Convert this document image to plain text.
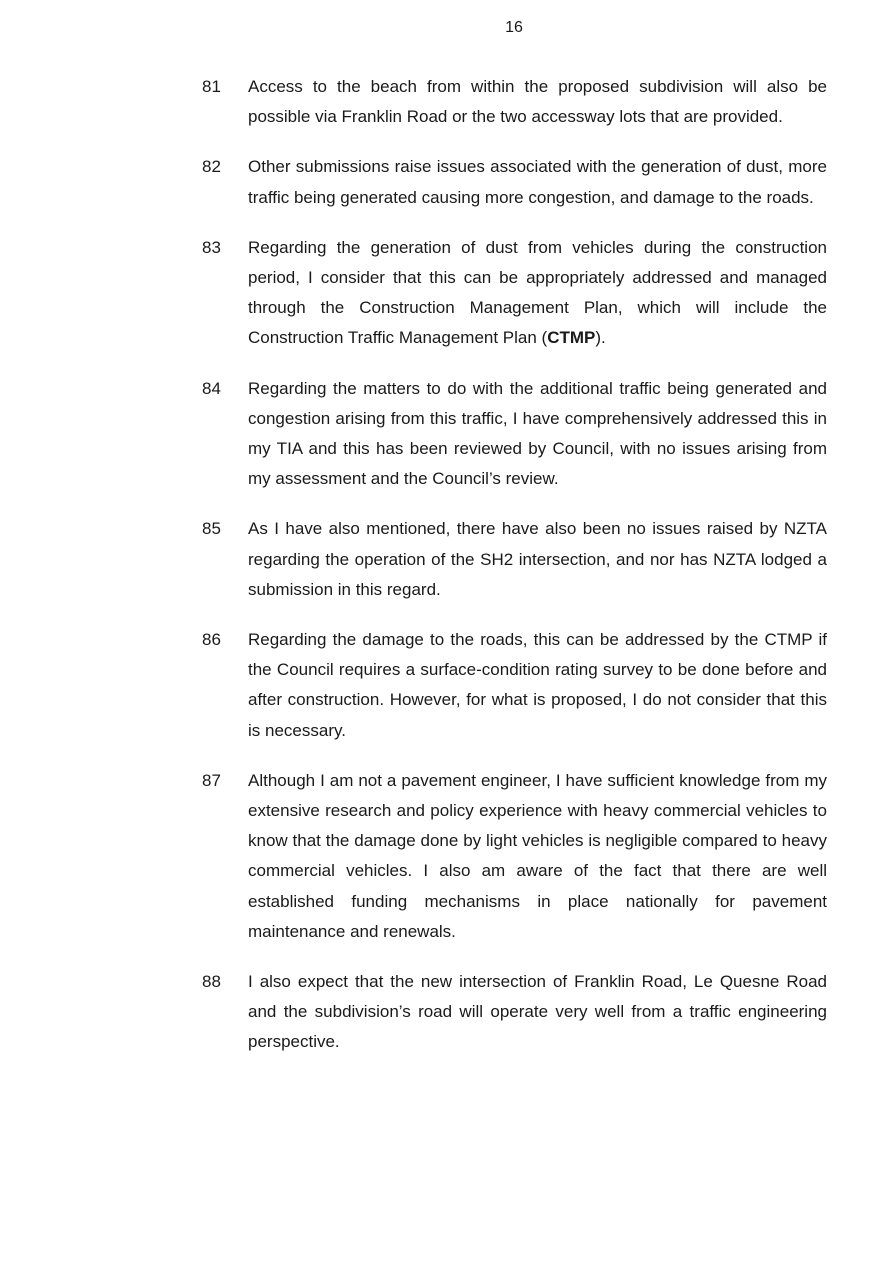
16
81	Access to the beach from within the proposed subdivision will also be possible via Franklin Road or the two accessway lots that are provided.
82	Other submissions raise issues associated with the generation of dust, more traffic being generated causing more congestion, and damage to the roads.
83	Regarding the generation of dust from vehicles during the construction period, I consider that this can be appropriately addressed and managed through the Construction Management Plan, which will include the Construction Traffic Management Plan (CTMP).
84	Regarding the matters to do with the additional traffic being generated and congestion arising from this traffic, I have comprehensively addressed this in my TIA and this has been reviewed by Council, with no issues arising from my assessment and the Council’s review.
85	As I have also mentioned, there have also been no issues raised by NZTA regarding the operation of the SH2 intersection, and nor has NZTA lodged a submission in this regard.
86	Regarding the damage to the roads, this can be addressed by the CTMP if the Council requires a surface-condition rating survey to be done before and after construction. However, for what is proposed, I do not consider that this is necessary.
87	Although I am not a pavement engineer, I have sufficient knowledge from my extensive research and policy experience with heavy commercial vehicles to know that the damage done by light vehicles is negligible compared to heavy commercial vehicles. I also am aware of the fact that there are well established funding mechanisms in place nationally for pavement maintenance and renewals.
88	I also expect that the new intersection of Franklin Road, Le Quesne Road and the subdivision’s road will operate very well from a traffic engineering perspective.
